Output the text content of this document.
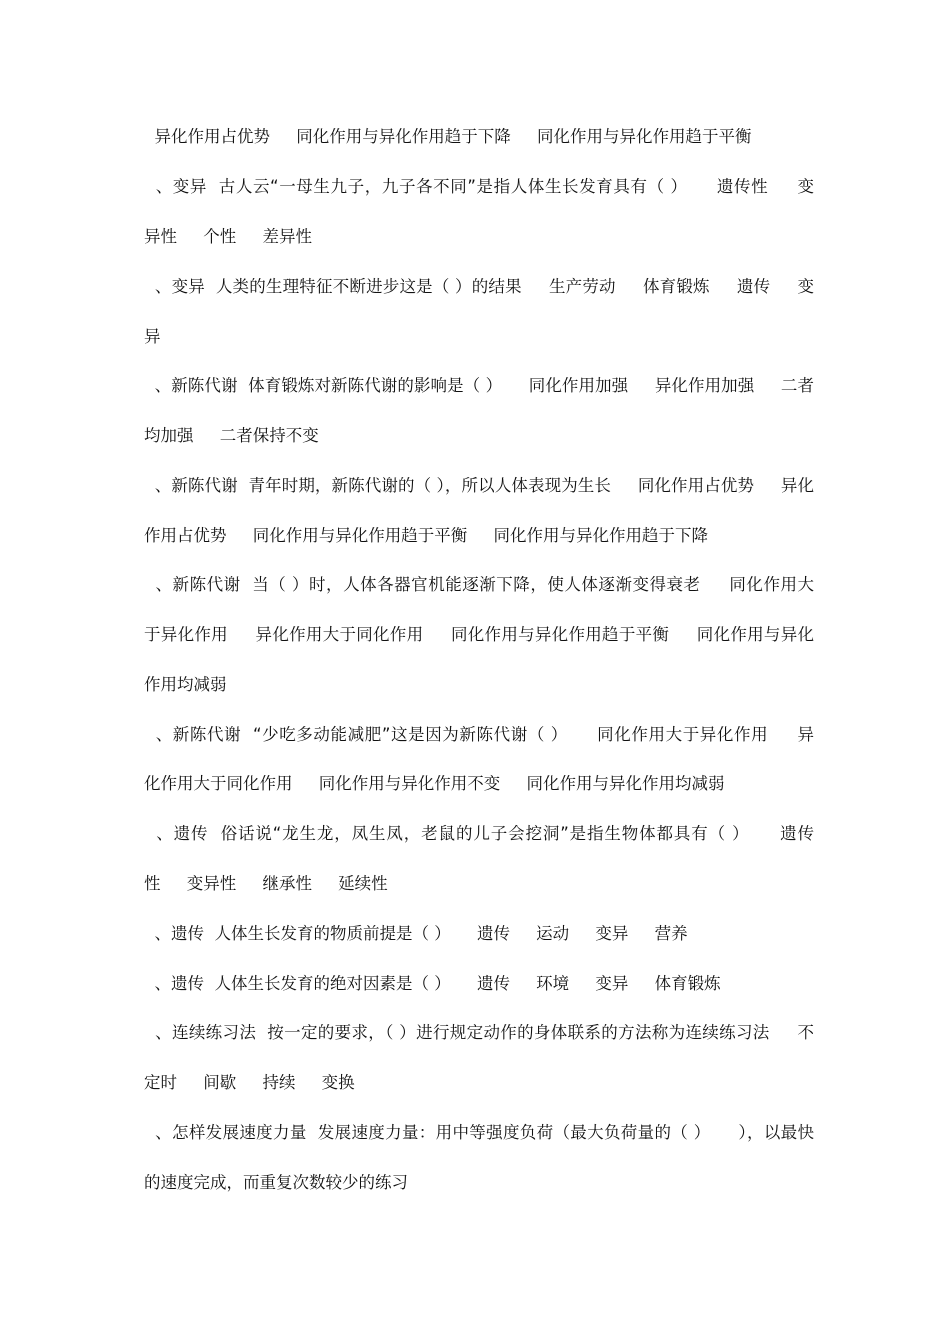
异化作用占优势     同化作用与异化作用趋于下降     同化作用与异化作用趋于平衡
、变异  古人云“一母生九子，九子各不同”是指人体生长发育具有（ ）     遗传性     变
异性     个性     差异性
、变异  人类的生理特征不断进步这是（ ）的结果     生产劳动     体育锻炼     遗传     变
异
、新陈代谢  体育锻炼对新陈代谢的影响是（ ）     同化作用加强     异化作用加强     二者
均加强     二者保持不变
、新陈代谢  青年时期，新陈代谢的（ ），所以人体表现为生长     同化作用占优势     异化
作用占优势     同化作用与异化作用趋于平衡     同化作用与异化作用趋于下降
、新陈代谢  当（ ）时，人体各器官机能逐渐下降，使人体逐渐变得衰老     同化作用大
于异化作用     异化作用大于同化作用     同化作用与异化作用趋于平衡     同化作用与异化
作用均减弱
、新陈代谢  “少吃多动能减肥”这是因为新陈代谢（ ）     同化作用大于异化作用     异
化作用大于同化作用     同化作用与异化作用不变     同化作用与异化作用均减弱
、遗传  俗话说“龙生龙，凤生凤，老鼠的儿子会挖洞”是指生物体都具有（ ）     遗传
性     变异性     继承性     延续性
、遗传  人体生长发育的物质前提是（ ）     遗传     运动     变异     营养
、遗传  人体生长发育的绝对因素是（ ）     遗传     环境     变异     体育锻炼
、连续练习法  按一定的要求，（ ）进行规定动作的身体联系的方法称为连续练习法     不
定时     间歇     持续     变换
、怎样发展速度力量  发展速度力量：用中等强度负荷（最大负荷量的（ ）     ），以最快
的速度完成，而重复次数较少的练习
